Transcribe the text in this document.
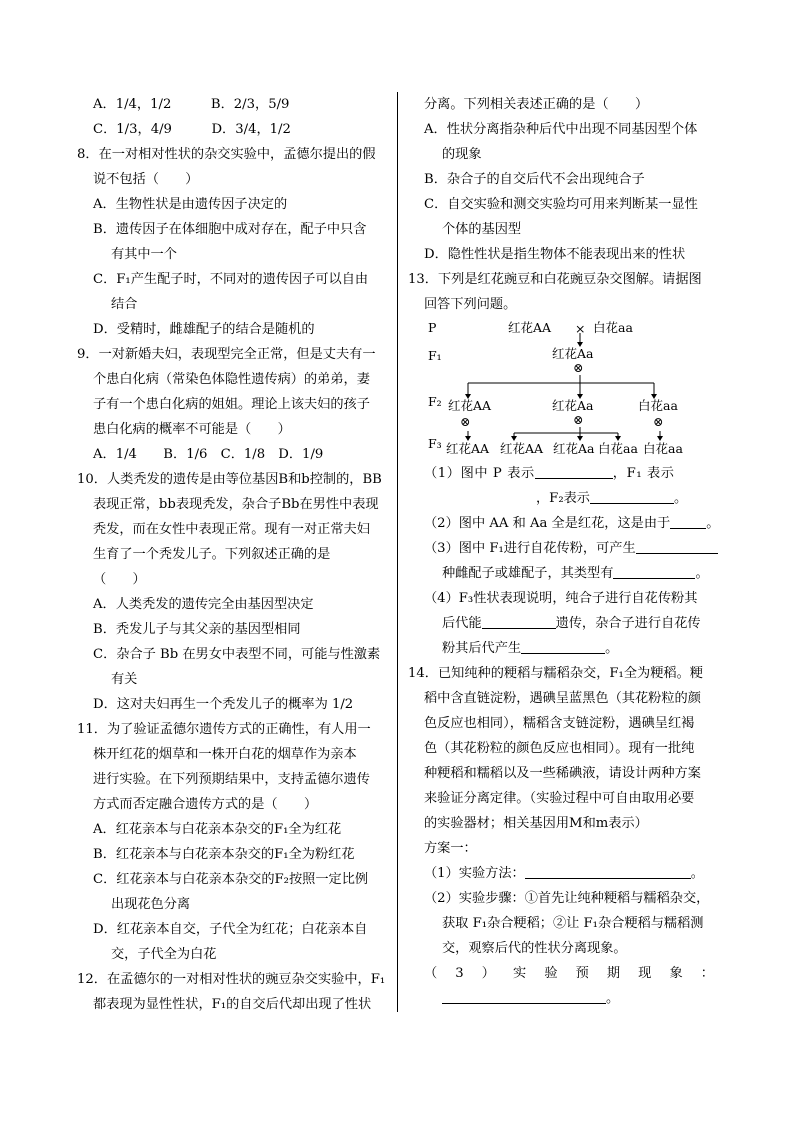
A．1/4，1/2　　　B．2/3，5/9
C．1/3，4/9　　　D．3/4，1/2
8．在一对相对性状的杂交实验中，孟德尔提出的假
说不包括（　　）
A．生物性状是由遗传因子决定的
B．遗传因子在体细胞中成对存在，配子中只含
有其中一个
C．F₁产生配子时，不同对的遗传因子可以自由
结合
D．受精时，雌雄配子的结合是随机的
9．一对新婚夫妇，表现型完全正常，但是丈夫有一
个患白化病（常染色体隐性遗传病）的弟弟，妻
子有一个患白化病的姐姐。理论上该夫妇的孩子
患白化病的概率不可能是（　　）
A．1/4　　B．1/6　C．1/8　D．1/9
10．人类秃发的遗传是由等位基因B和b控制的，BB
表现正常，bb表现秃发，杂合子Bb在男性中表现
秃发，而在女性中表现正常。现有一对正常夫妇
生育了一个秃发儿子。下列叙述正确的是
（　　）
A．人类秃发的遗传完全由基因型决定
B．秃发儿子与其父亲的基因型相同
C．杂合子 Bb 在男女中表型不同，可能与性激素
有关
D．这对夫妇再生一个秃发儿子的概率为 1/2
11．为了验证孟德尔遗传方式的正确性，有人用一
株开红花的烟草和一株开白花的烟草作为亲本
进行实验。在下列预期结果中，支持孟德尔遗传
方式而否定融合遗传方式的是（　　）
A．红花亲本与白花亲本杂交的F₁全为红花
B．红花亲本与白花亲本杂交的F₁全为粉红花
C．红花亲本与白花亲本杂交的F₂按照一定比例
出现花色分离
D．红花亲本自交，子代全为红花；白花亲本自
交，子代全为白花
12．在孟德尔的一对相对性状的豌豆杂交实验中，F₁
都表现为显性性状，F₁的自交后代却出现了性状
分离。下列相关表述正确的是（　　）
A．性状分离指杂种后代中出现不同基因型个体
的现象
B．杂合子的自交后代不会出现纯合子
C．自交实验和测交实验均可用来判断某一显性
个体的基因型
D．隐性性状是指生物体不能表现出来的性状
13．下列是红花豌豆和白花豌豆杂交图解。请据图
回答下列问题。
P
F₁
F₂
F₃
红花AA × 白花aa
红花Aa
⊗
红花AA
⊗
红花Aa
⊗
白花aa
⊗
红花AA 红花AA 红花Aa 白花aa 白花aa
（1）图中 P 表示	，F₁ 表示
，F₂表示	。
（2）图中 AA 和 Aa 全是红花，这是由于	。
（3）图中 F₁进行自花传粉，可产生
种雌配子或雄配子，其类型有	。
（4）F₃性状表现说明，纯合子进行自花传粉其
后代能	遗传，杂合子进行自花传
粉其后代产生	。
14．已知纯种的粳稻与糯稻杂交，F₁全为粳稻。粳
稻中含直链淀粉，遇碘呈蓝黑色（其花粉粒的颜
色反应也相同），糯稻含支链淀粉，遇碘呈红褐
色（其花粉粒的颜色反应也相同）。现有一批纯
种粳稻和糯稻以及一些稀碘液，请设计两种方案
来验证分离定律。（实验过程中可自由取用必要
的实验器材；相关基因用M和m表示）
方案一：
（1）实验方法：	。
（2）实验步骤：①首先让纯种粳稻与糯稻杂交，
获取 F₁杂合粳稻；②让 F₁杂合粳稻与糯稻测
交，观察后代的性状分离现象。
（ 3 ） 实 验 预 期 现 象 ：
。
